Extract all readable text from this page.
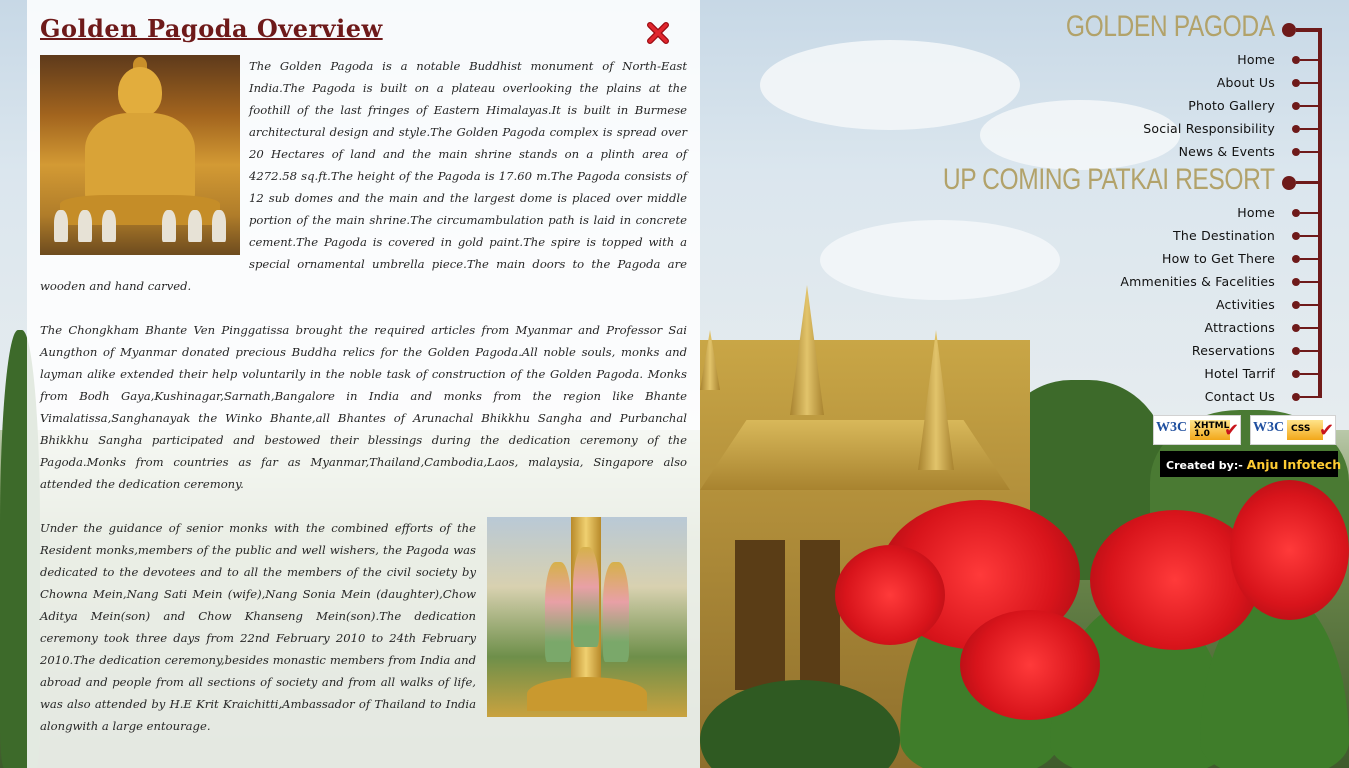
Golden Pagoda Overview

The Golden Pagoda is a notable Buddhist monument of North-East India.The Pagoda is built on a plateau overlooking the plains at the foothill of the last fringes of Eastern Himalayas.It is built in Burmese architectural design and style.The Golden Pagoda complex is spread over 20 Hectares of land and the main shrine stands on a plinth area of 4272.58 sq.ft.The height of the Pagoda is 17.60 m.The Pagoda consists of 12 sub domes and the main and the largest dome is placed over middle portion of the main shrine.The circumambulation path is laid in concrete cement.The Pagoda is covered in gold paint.The spire is topped with a special ornamental umbrella piece.The main doors to the Pagoda are wooden and hand carved.

The Chongkham Bhante Ven Pinggatissa brought the required articles from Myanmar and Professor Sai Aungthon of Myanmar donated precious Buddha relics for the Golden Pagoda.All noble souls, monks and layman alike extended their help voluntarily in the noble task of construction of the Golden Pagoda. Monks from Bodh Gaya,Kushinagar,Sarnath,Bangalore in India and monks from the region like Bhante Vimalatissa,Sanghanayak the Winko Bhante,all Bhantes of Arunachal Bhikkhu Sangha and Purbanchal Bhikkhu Sangha participated and bestowed their blessings during the dedication ceremony of the Pagoda.Monks from countries as far as Myanmar,Thailand,Cambodia,Laos, malaysia, Singapore also attended the dedication ceremony.

Under the guidance of senior monks with the combined efforts of the Resident monks,members of the public and well wishers, the Pagoda was dedicated to the devotees and to all the members of the civil society by Chowna Mein,Nang Sati Mein (wife),Nang Sonia Mein (daughter),Chow Aditya Mein(son) and Chow Khanseng Mein(son).The dedication ceremony took three days from 22nd February 2010 to 24th February 2010.The dedication ceremony,besides monastic members from India and abroad and people from all sections of society and from all walks of life, was also attended by H.E Krit Kraichitti,Ambassador of Thailand to India alongwith a large entourage.

GOLDEN PAGODA
Home
About Us
Photo Gallery
Social Responsibility
News & Events
UP COMING PATKAI RESORT
Home
The Destination
How to Get There
Ammenities & Facelities
Activities
Attractions
Reservations
Hotel Tarrif
Contact Us
W3C XHTML 1.0 ✔ W3C CSS ✔
Created by:- Anju Infotech
